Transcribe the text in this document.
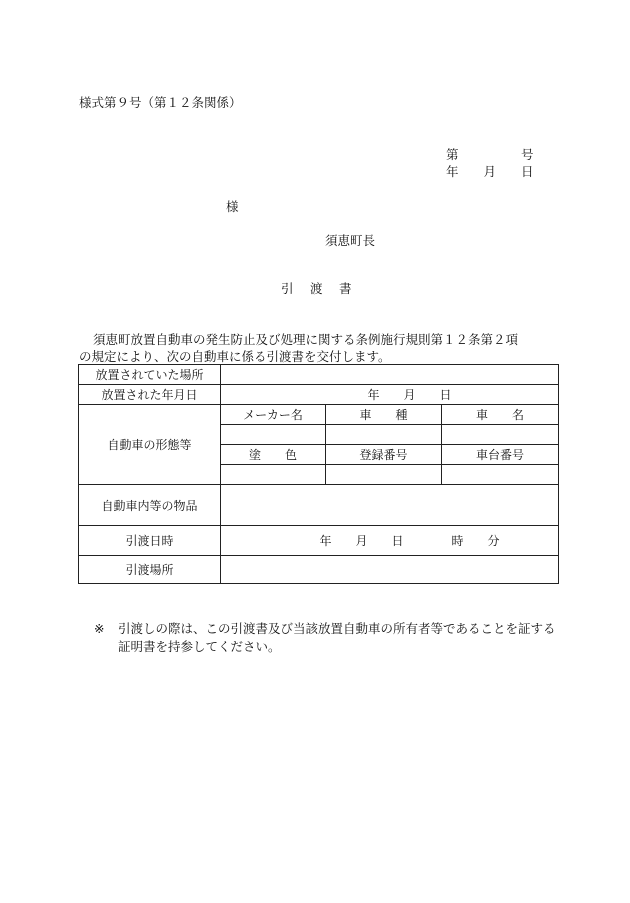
様式第９号（第１２条関係）
第　　　　　号
年　　月　　日
様
須恵町長
引　渡　書

須恵町放置自動車の発生防止及び処理に関する条例施行規則第１２条第２項

の規定により、次の自動車に係る引渡書を交付します。

放置されていた場所			
放置された年月日	年　　月　　日		
自動車の形態等	メーカー名	車　　種	車　　名

	塗　　色	登録番号	車台番号

自動車内等の物品			
引渡日時	年　　月　　日　　　　時　　分		
引渡場所			
※ 引渡しの際は、この引渡書及び当該放置自動車の所有者等であることを証する証明書を持参してください。
